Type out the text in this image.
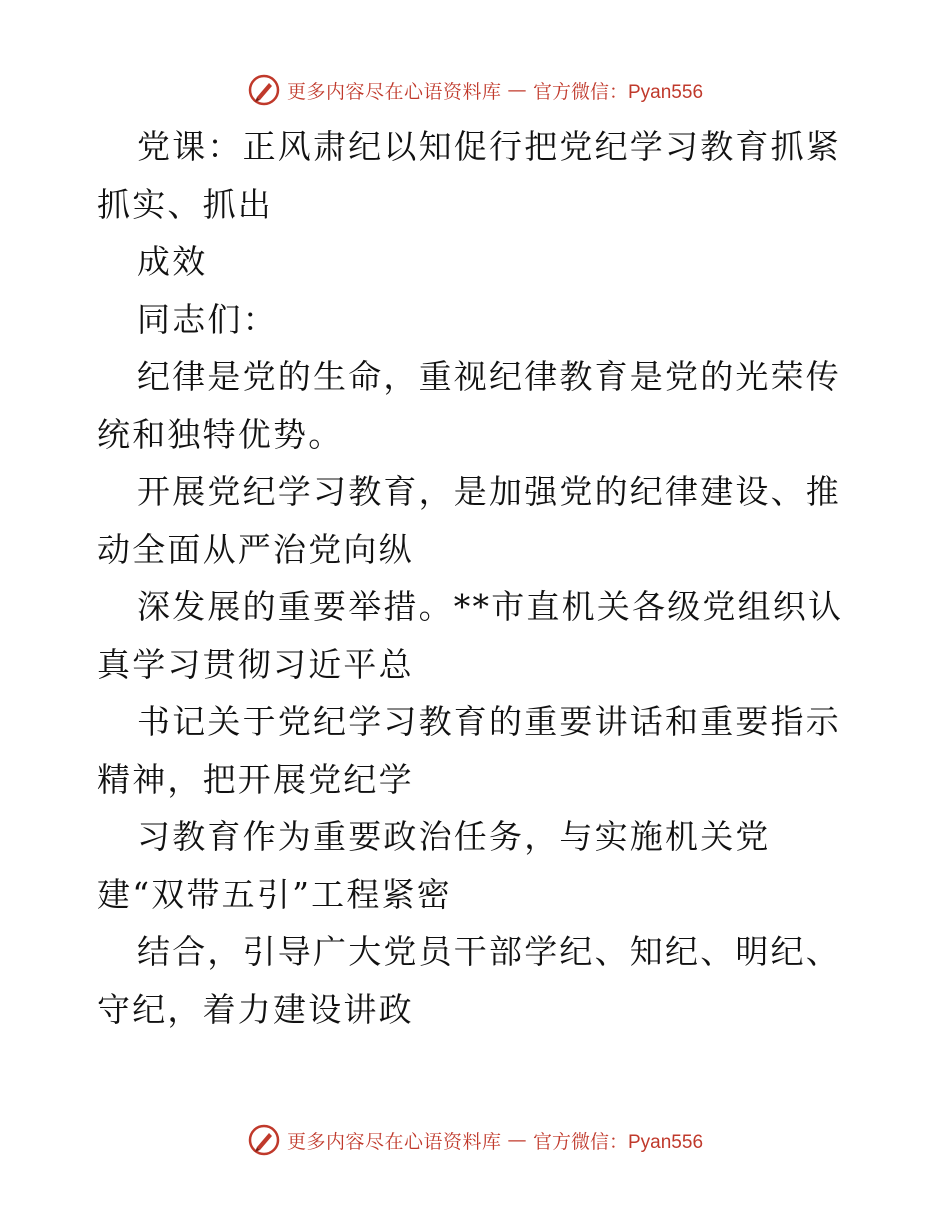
更多内容尽在心语资料库 — 官方微信：Pyan556

党课：正风肃纪以知促行把党纪学习教育抓紧抓实、抓出

成效

同志们：

纪律是党的生命，重视纪律教育是党的光荣传统和独特优势。

开展党纪学习教育，是加强党的纪律建设、推动全面从严治党向纵

深发展的重要举措。**市直机关各级党组织认真学习贯彻习近平总

书记关于党纪学习教育的重要讲话和重要指示精神，把开展党纪学

习教育作为重要政治任务，与实施机关党建“双带五引”工程紧密

结合，引导广大党员干部学纪、知纪、明纪、守纪，着力建设讲政

更多内容尽在心语资料库 — 官方微信：Pyan556
